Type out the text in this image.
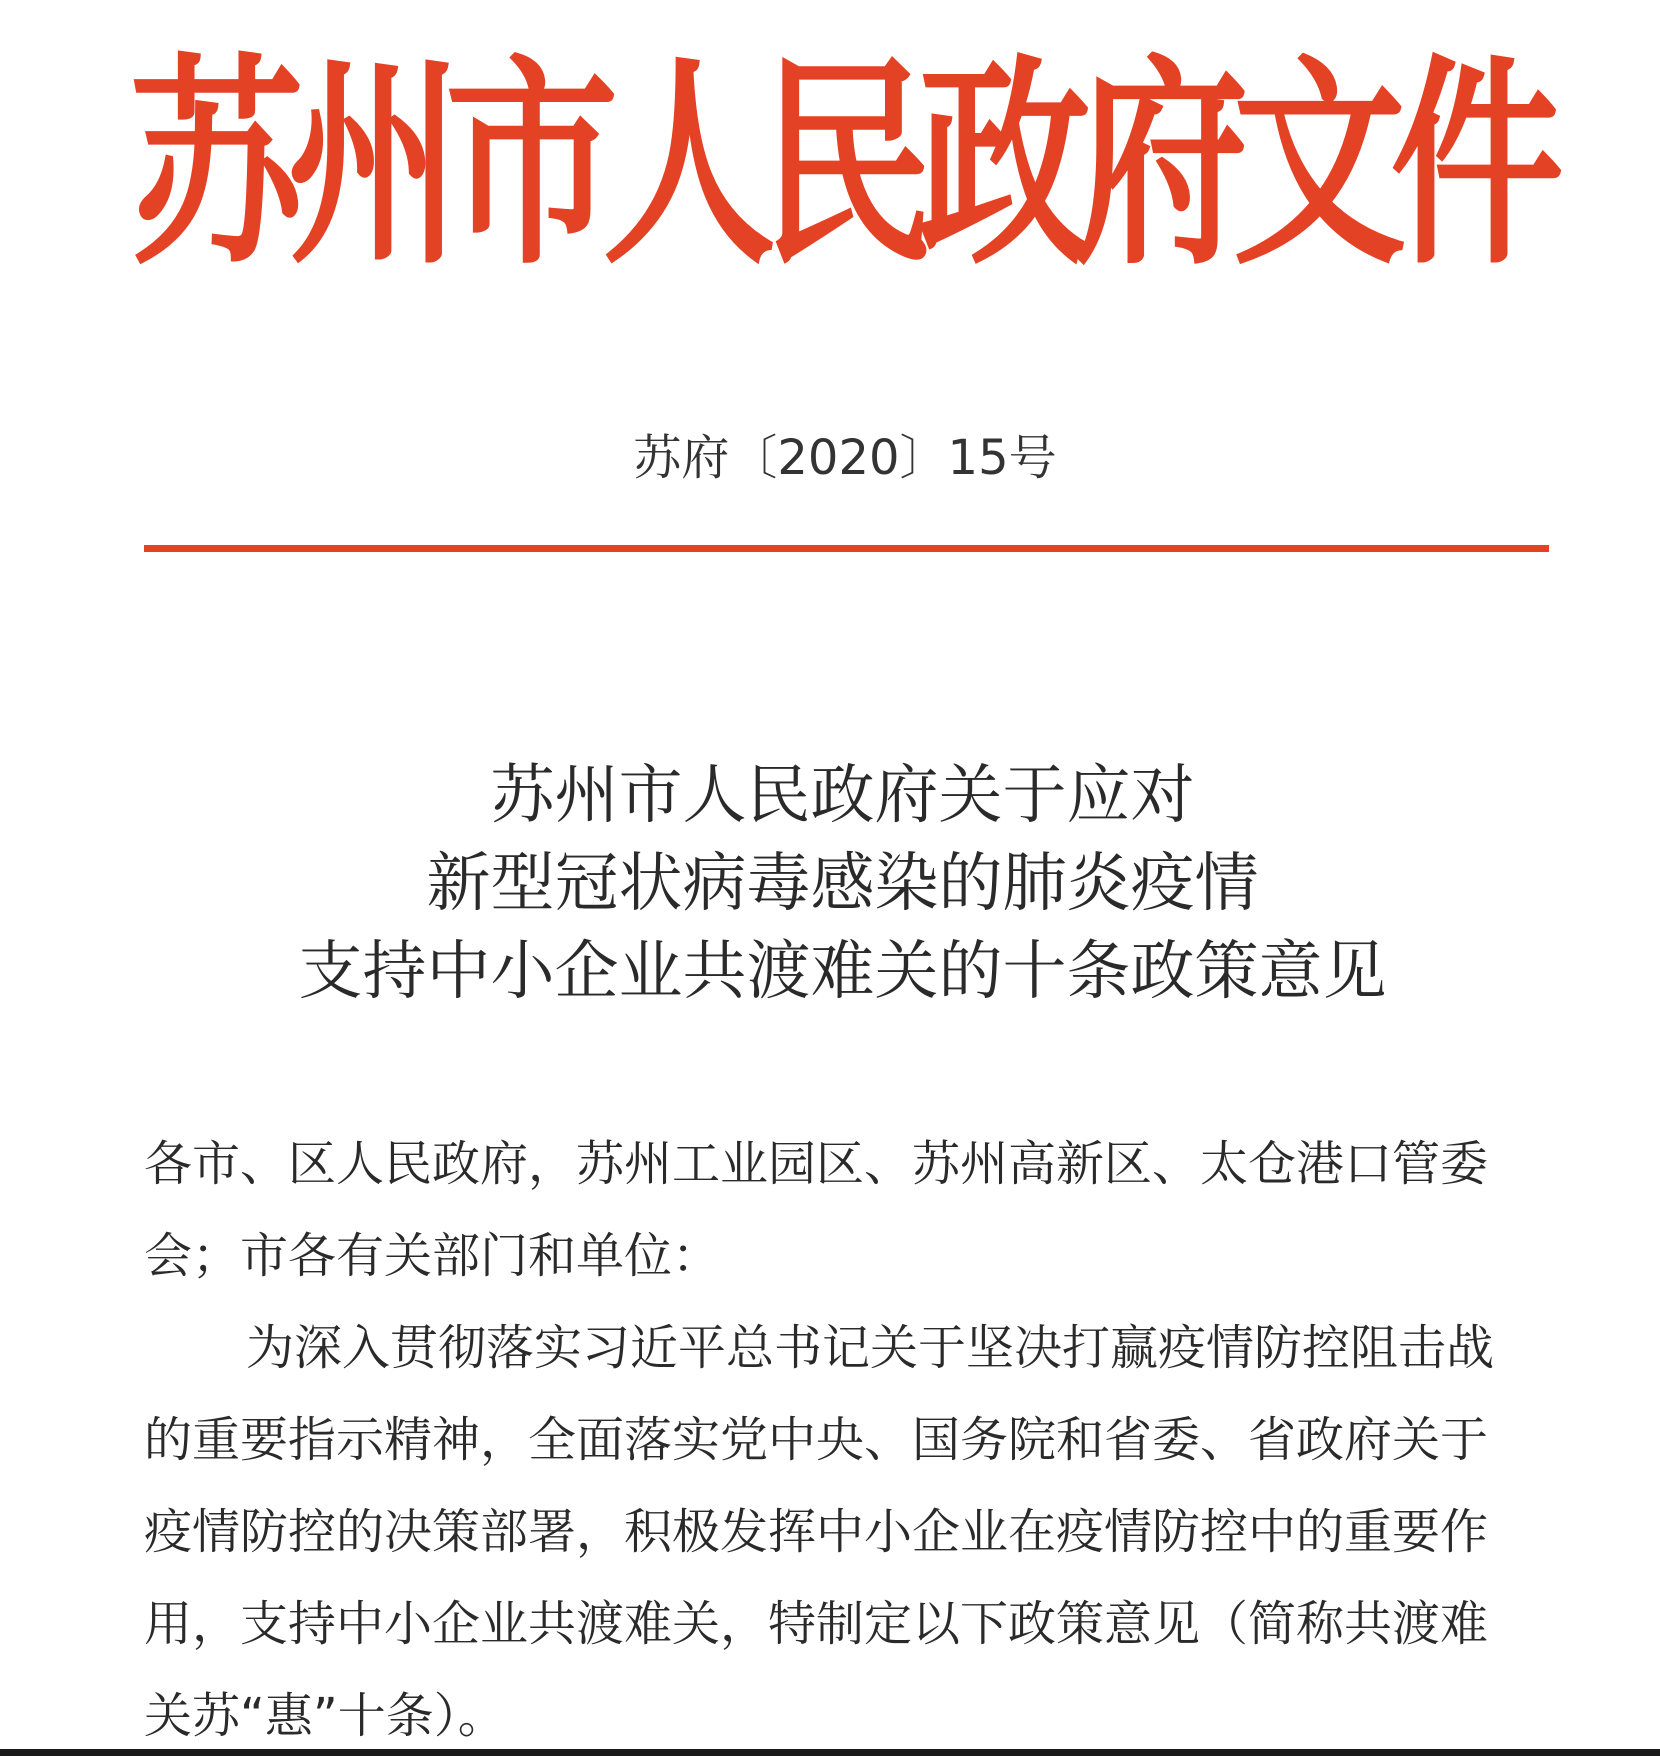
苏州市人民政府文件
苏府〔2020〕15号
苏州市人民政府关于应对
新型冠状病毒感染的肺炎疫情
支持中小企业共渡难关的十条政策意见
各市、区人民政府，苏州工业园区、苏州高新区、太仓港口管委
会；市各有关部门和单位：
为深入贯彻落实习近平总书记关于坚决打赢疫情防控阻击战
的重要指示精神，全面落实党中央、国务院和省委、省政府关于
疫情防控的决策部署，积极发挥中小企业在疫情防控中的重要作
用，支持中小企业共渡难关，特制定以下政策意见（简称共渡难
关苏“惠”十条）。
